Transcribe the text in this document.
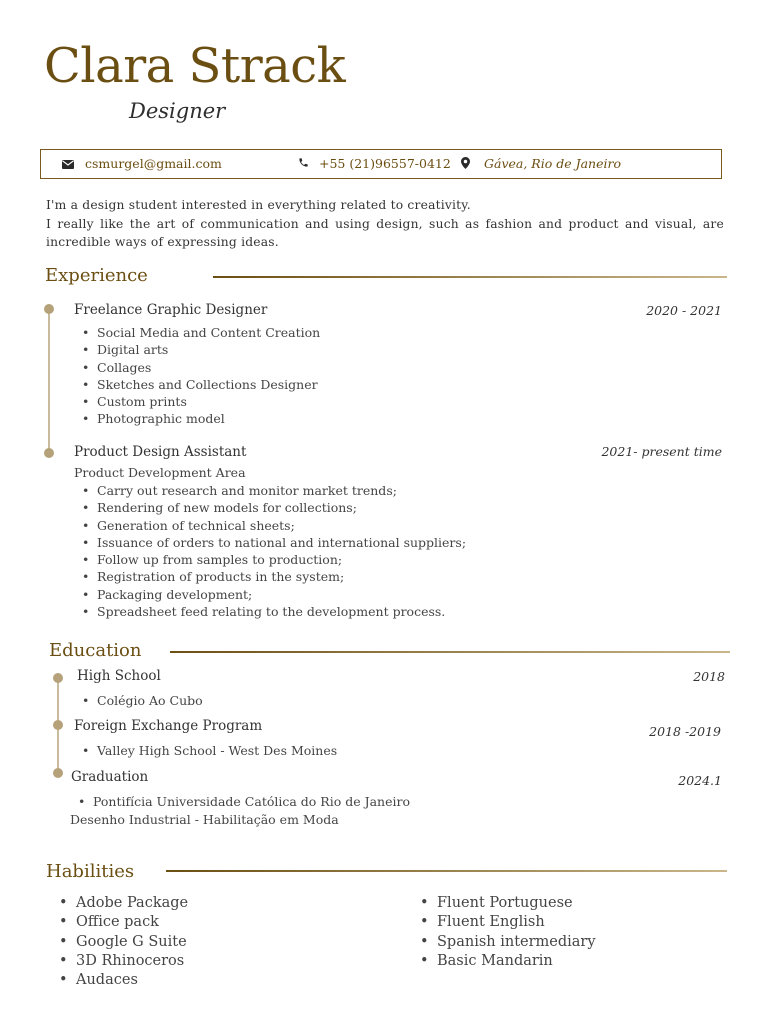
Clara Strack
Designer
csmurgel@gmail.com	+55 (21)96557-0412	Gávea, Rio de Janeiro
I'm a design student interested in everything related to creativity.
I really like the art of communication and using design, such as fashion and product and visual, are incredible ways of expressing ideas.
Experience
Freelance Graphic Designer	2020 - 2021
• Social Media and Content Creation
• Digital arts
• Collages
• Sketches and Collections Designer
• Custom prints
• Photographic model
Product Design Assistant	2021- present time
Product Development Area
• Carry out research and monitor market trends;
• Rendering of new models for collections;
• Generation of technical sheets;
• Issuance of orders to national and international suppliers;
• Follow up from samples to production;
• Registration of products in the system;
• Packaging development;
• Spreadsheet feed relating to the development process.
Education
High School	2018
• Colégio Ao Cubo
Foreign Exchange Program	2018 -2019
• Valley High School - West Des Moines
Graduation	2024.1
• Pontifícia Universidade Católica do Rio de Janeiro
Desenho Industrial - Habilitação em Moda
Habilities
• Adobe Package
• Office pack
• Google G Suite
• 3D Rhinoceros
• Audaces
• Fluent Portuguese
• Fluent English
• Spanish intermediary
• Basic Mandarin
